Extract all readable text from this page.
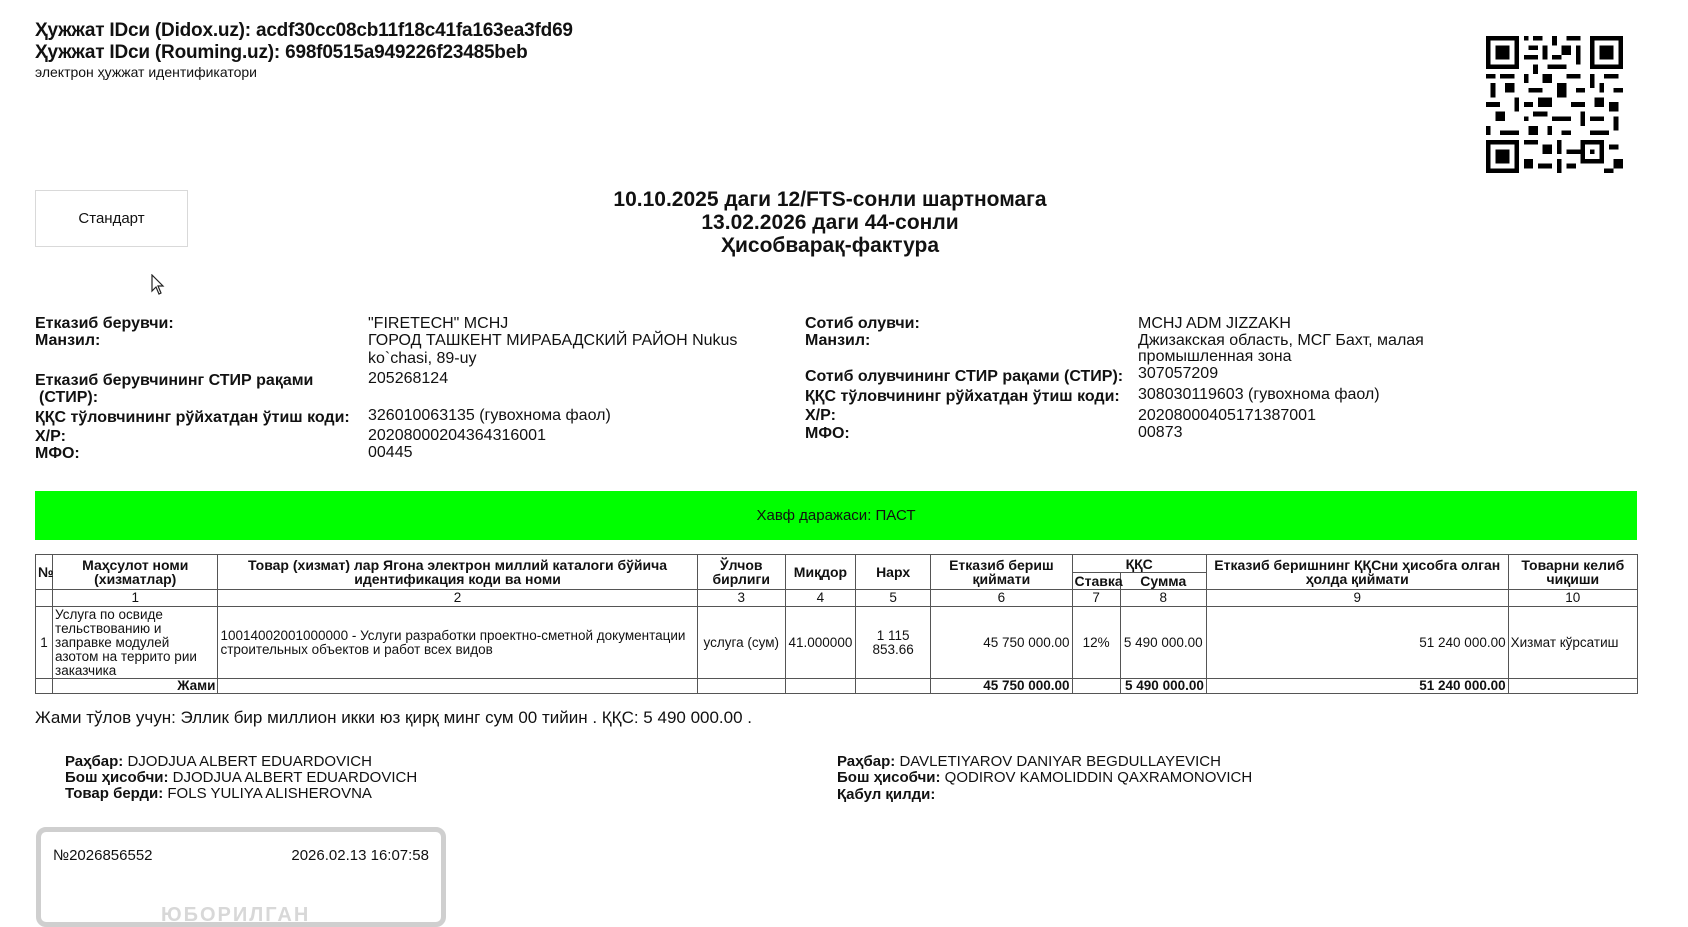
Ҳужжат IDси (Didox.uz): acdf30cc08cb11f18c41fa163ea3fd69
Ҳужжат IDси (Rouming.uz): 698f0515a949226f23485beb
электрон ҳужжат идентификатори
Стандарт
10.10.2025 даги 12/FTS-сонли шартномага
13.02.2026 даги 44-сонли
Ҳисобварақ-фактура
Етказиб берувчи:	"FIRETECH" MCHJ
Манзил:	ГОРОД ТАШКЕНТ МИРАБАДСКИЙ РАЙОН Nukus
ko`chasi, 89-uy
Етказиб берувчининг СТИР рақами
(СТИР):
205268124
ҚҚС тўловчининг рўйхатдан ўтиш коди: 326010063135 (гувохнома фаол)
Х/Р:	20208000204364316001
МФО:	00445
Сотиб олувчи:	MCHJ ADM JIZZAKH
Манзил:	Джизакская область, МСГ Бахт, малая
промышленная зона
Сотиб олувчининг СТИР рақами (СТИР): 307057209
ҚҚС тўловчининг рўйхатдан ўтиш коди: 308030119603 (гувохнома фаол)
Х/Р:	20208000405171387001
МФО:	00873
Хавф даражаси: ПАСТ
№	Маҳсулот номи (хизматлар)	Товар (хизмат) лар Ягона электрон миллий каталоги бўйича идентификация коди ва номи	Ўлчов бирлиги	Миқдор	Нарх	Етказиб бериш қиймати	ҚҚС		Етказиб беришнинг ҚҚСни ҳисобга олган ҳолда қиймати	Товарни келиб чиқиши
							Ставка	Сумма		
	1	2	3	4	5	6	7	8	9	10
1	Услуга по освиде тельствованию и заправке модулей азотом на террито рии заказчика	10014002001000000 - Услуги разработки проектно-сметной документации строительных объектов и работ всех видов	услуга (сум)	41.000000	1 115 853.66	45 750 000.00	12%	5 490 000.00	51 240 000.00	Хизмат кўрсатиш
	Жами					45 750 000.00		5 490 000.00	51 240 000.00	
Жами тўлов учун: Эллик бир миллион икки юз қирқ минг сум 00 тийин . ҚҚС: 5 490 000.00 .
Раҳбар: DJODJUA ALBERT EDUARDOVICH
Бош ҳисобчи: DJODJUA ALBERT EDUARDOVICH
Товар берди: FOLS YULIYA ALISHEROVNA
Раҳбар: DAVLETIYAROV DANIYAR BEGDULLAYEVICH
Бош ҳисобчи: QODIROV KAMOLIDDIN QAXRAMONOVICH
Қабул қилди:
№2026856552	2026.02.13 16:07:58
ЮБОРИЛГАН
